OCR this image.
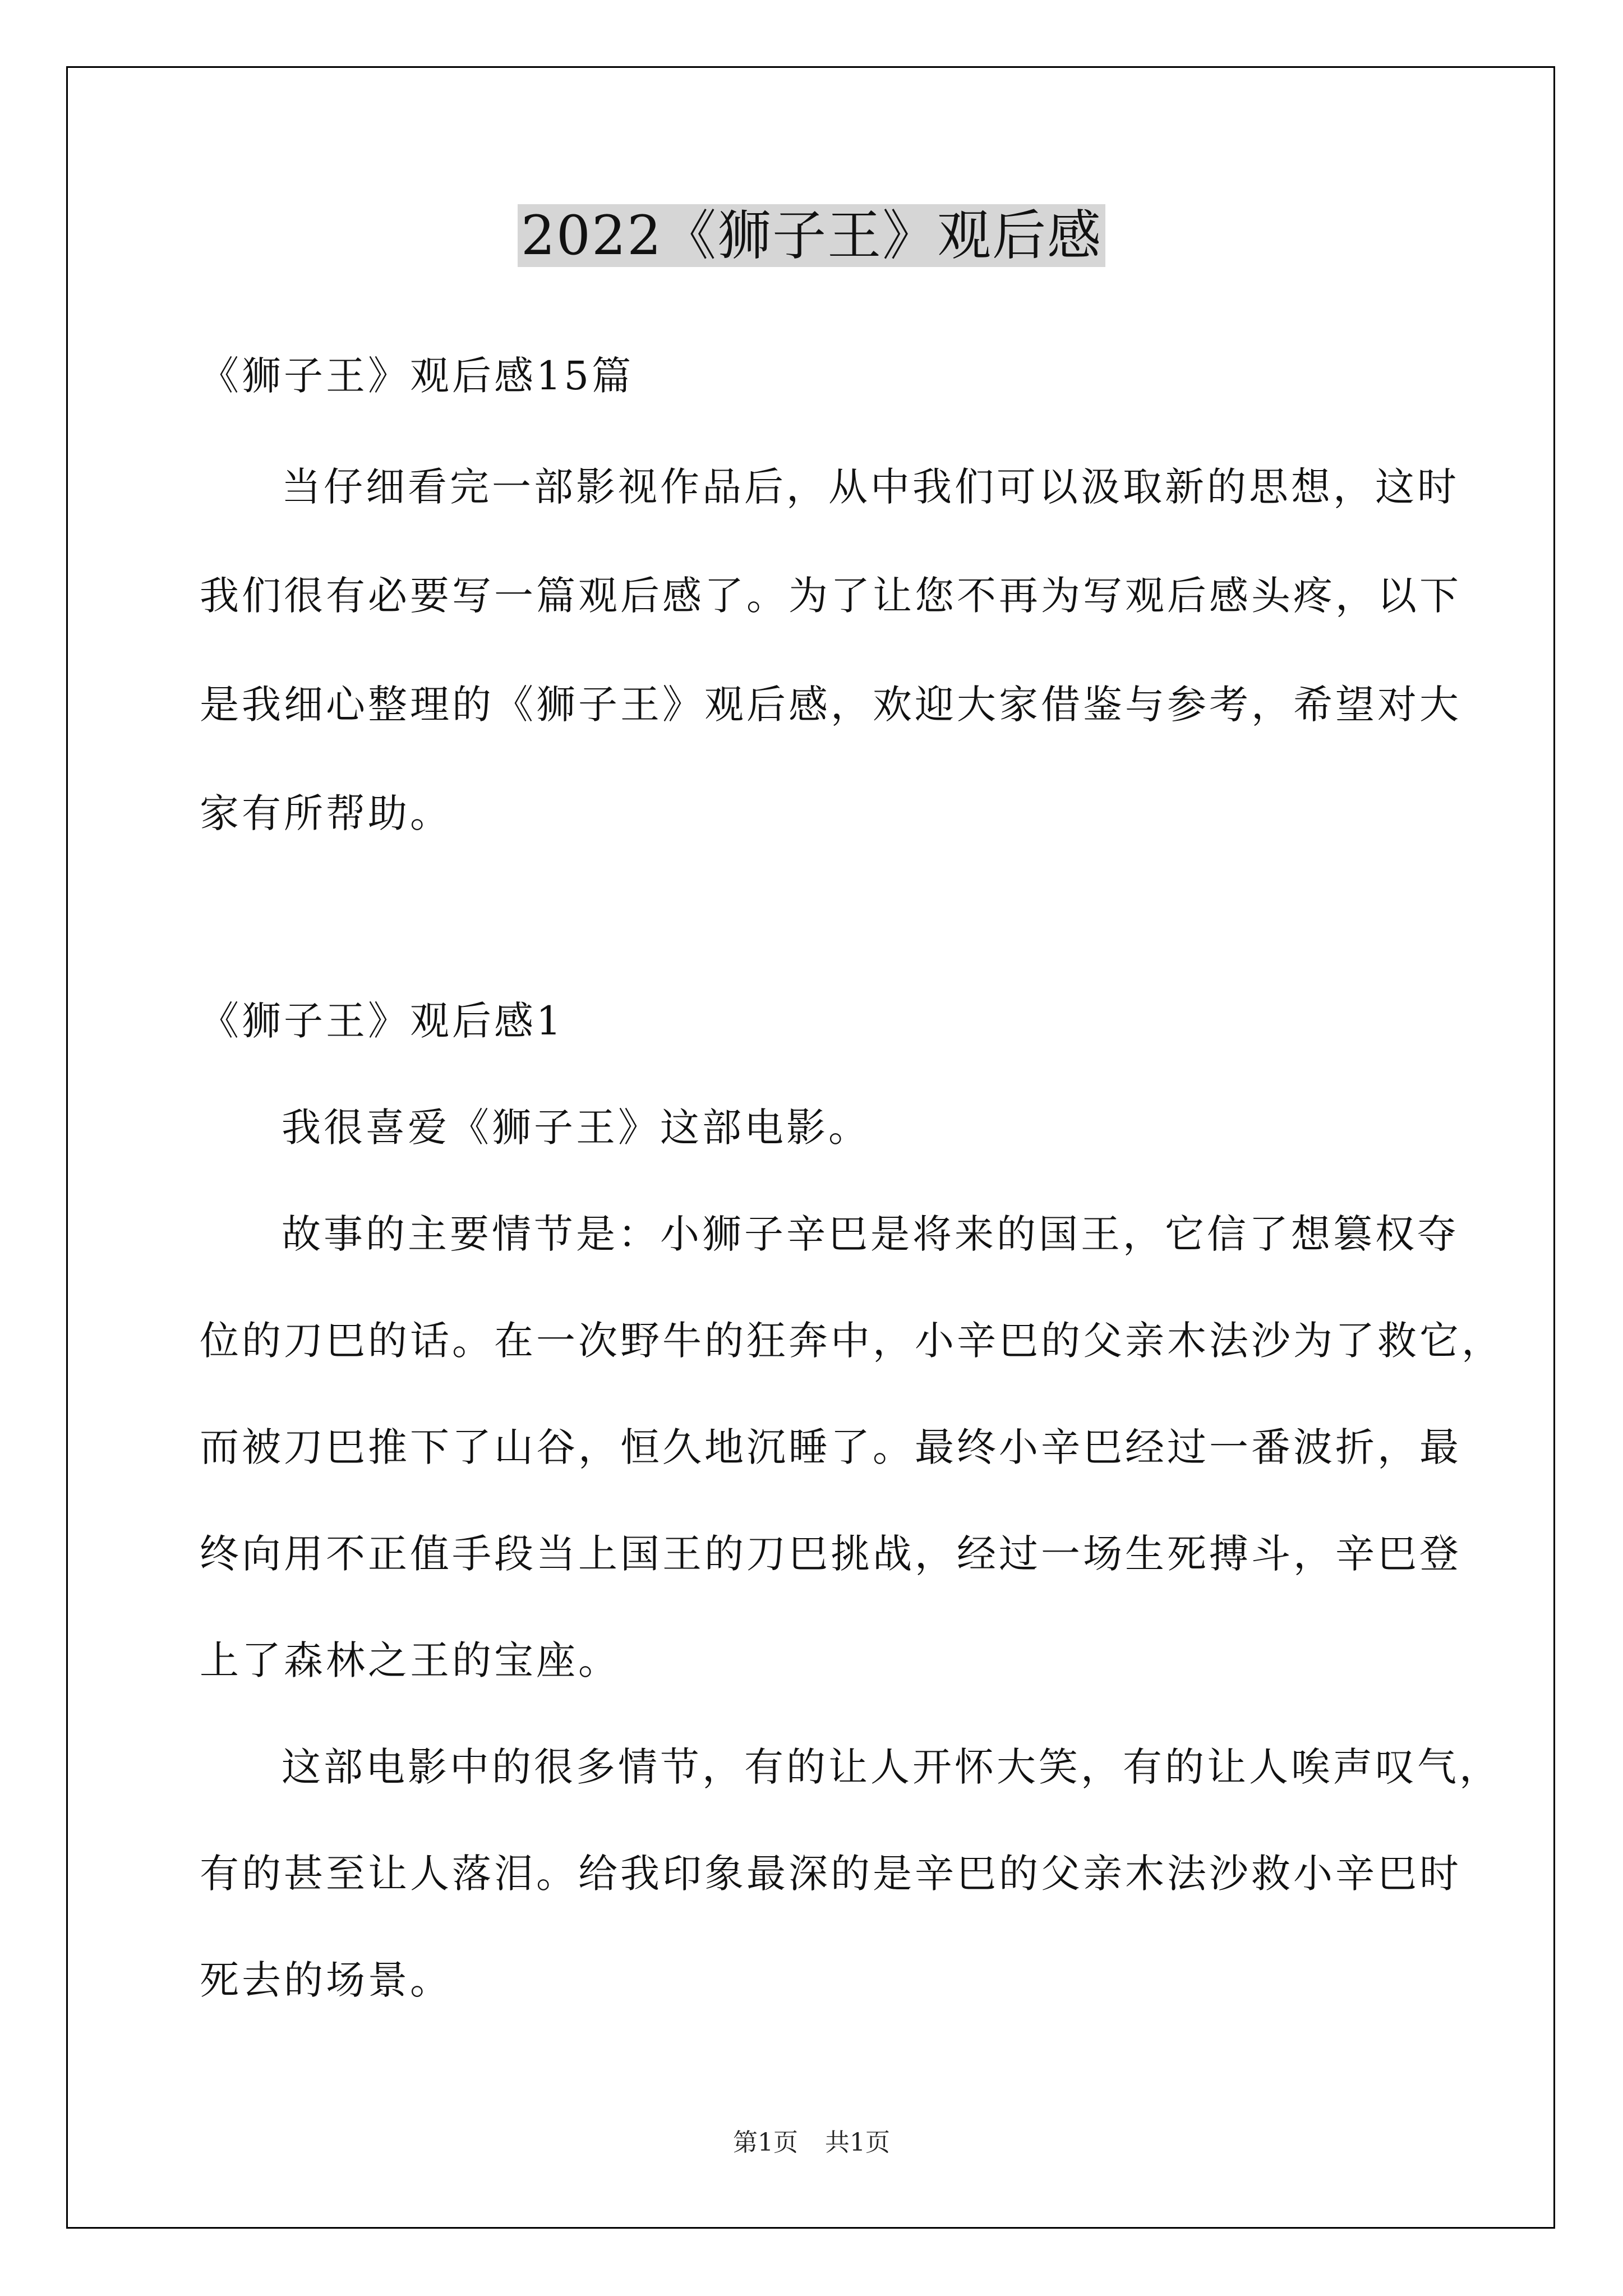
2022《狮子王》观后感
《狮子王》观后感15篇
当仔细看完一部影视作品后，从中我们可以汲取新的思想，这时
我们很有必要写一篇观后感了。为了让您不再为写观后感头疼，以下
是我细心整理的《狮子王》观后感，欢迎大家借鉴与参考，希望对大
家有所帮助。
《狮子王》观后感1
我很喜爱《狮子王》这部电影。
故事的主要情节是：小狮子辛巴是将来的国王，它信了想篡权夺
位的刀巴的话。在一次野牛的狂奔中，小辛巴的父亲木法沙为了救它，
而被刀巴推下了山谷，恒久地沉睡了。最终小辛巴经过一番波折，最
终向用不正值手段当上国王的刀巴挑战，经过一场生死搏斗，辛巴登
上了森林之王的宝座。
这部电影中的很多情节，有的让人开怀大笑，有的让人唉声叹气，
有的甚至让人落泪。给我印象最深的是辛巴的父亲木法沙救小辛巴时
死去的场景。
第1页 共1页
